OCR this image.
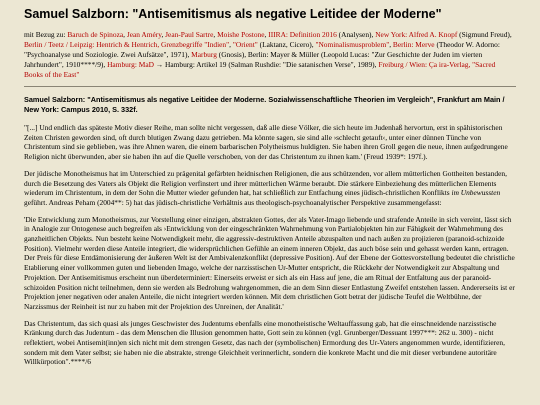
Samuel Salzborn: "Antisemitismus als negative Leitidee der Moderne"

mit Bezug zu: Baruch de Spinoza, Jean Améry, Jean-Paul Sartre, Moishe Postone, IIIRA: Definition 2016 (Analysen), New York: Alfred A. Knopf (Sigmund Freud), Berlin / Teetz / Leipzig: Hentrich & Hentrich, Grenzbegriffe "Indien", "Orient" (Laktanz, Cicero), "Nominalismusproblem", Berlin: Merve (Theodor W. Adorno: "Psychoanalyse und Soziologie. Zwei Aufsätze", 1971), Marburg (Gnosis), Berlin: Mayer & Müller (Leopold Lucas: "Zur Geschichte der Juden im vierten Jahrhundert", 1910****/9), Hamburg: MaD → Hamburg: Artikel 19 (Salman Rushdie: "Die satanischen Verse", 1989), Freiburg / Wien: Ça ira-Verlag, "Sacred Books of the East"

Samuel Salzborn: "Antisemitismus als negative Leitidee der Moderne. Sozialwissenschaftliche Theorien im Vergleich", Frankfurt am Main / New York: Campus 2010, S. 332f.

"[...] Und endlich das späteste Motiv dieser Reihe, man sollte nicht vergessen, daß alle diese Völker, die sich heute im Judenhaß hervortun, erst in spähistorischen Zeiten Christen geworden sind, oft durch blutigen Zwang dazu getrieben. Ma könnte sagen, sie sind alle ›schlecht getauft‹, unter einer dünnen Tünche von Christentum sind sie geblieben, was ihre Ahnen waren, die einem barbarischen Polytheismus huldigten. Sie haben ihren Groll gegen die neue, ihnen aufgedrungene Religion nicht überwunden, aber sie haben ihn auf die Quelle verschoben, von der das Christentum zu ihnen kam.' (Freud 1939*: 197f.).

Der jüdische Monotheismus hat im Unterschied zu prägenital gefärbten heidnischen Religionen, die aus schützenden, vor allem mütterlichen Gottheiten bestanden, durch die Besetzung des Vaters als Objekt die Religion verfinstert und ihrer mütterlichen Wärme beraubt. Die stärkere Einbeziehung des mütterlichen Elements wiederum im Christentum, in dem der Sohn die Mutter wieder gefunden hat, hat schließlich zur Entfachung eines jüdisch-christlichen Konflikts im Unbewussten geführt. Andreas Peham (2004**: 5) hat das jüdisch-christliche Verhältnis aus theologisch-psychoanalytischer Perspektive zusammengefasst:

'Die Entwicklung zum Monotheismus, zur Vorstellung einer einzigen, abstrakten Gottes, der als Vater-Imago liebende und strafende Anteile in sich vereint, lässt sich in Analogie zur Ontogenese auch begreifen als ›Entwicklung von der eingeschränkten Wahrnehmung von Partialobjekten hin zur Fähigkeit der Wahrnehmung des ganzheitlichen Objekts. Nun besteht keine Notwendigkeit mehr, die aggressiv-destruktiven Anteile abzuspalten und nach außen zu projizieren (paranoid-schizoide Position). Vielmehr werden diese Anteile integriert, die widersprüchlichen Gefühle an einem inneren Objekt, das auch böse sein und gehasst werden kann, ertragen. Der Preis für diese Entdämonisierung der äußeren Welt ist der Ambivalenzkonflikt (depressive Position). Auf der Ebene der Gottesvorstellung bedeutet die christliche Etablierung einer vollkommen guten und liebenden Imago, welche der narzisstischen Ur-Mutter entspricht, die Rückkehr der Notwendigkeit zur Abspaltung und Projektion. Der Antisemitismus erscheint nun überdeterminiert: Einerseits erweist er sich als ein Hass auf jene, die am Ritual der Entfaltung aus der paranoid-schizoiden Position nicht teilnehmen, denn sie werden als Bedrohung wahrgenommen, die an dem Sinn dieser Entlastung Zweifel entstehen lassen. Andererseits ist er Projektion jener negativen oder analen Anteile, die nicht integriert werden können. Mit dem christlichen Gott betrat der jüdische Teufel die Weltbühne, der Narzissmus der Reinheit ist nur zu haben mit der Projektion des Unreinen, der Analität.'

Das Christentum, das sich quasi als junges Geschwister des Judentums ebenfalls eine monotheistische Weltauffassung gab, hat die einschneidende narzisstische Kränkung durch das Judentum - das dem Menschen die Illusion genommen hatte, Gott sein zu können (vgl. Grunberger/Dessuant 1997***: 262 u. 300) - nicht reflektiert, wobei Antisemit(inn)en sich nicht mit dem strengen Gesetz, das nach der (symbolischen) Ermordung des Ur-Vaters angenommen wurde, identifizieren, sondern mit dem Vater selbst; sie haben nie die abstrakte, strenge Gleichheit verinnerlicht, sondern die konkrete Macht und die mit dieser verbundene autoritäre Willkürpotion".****/6
